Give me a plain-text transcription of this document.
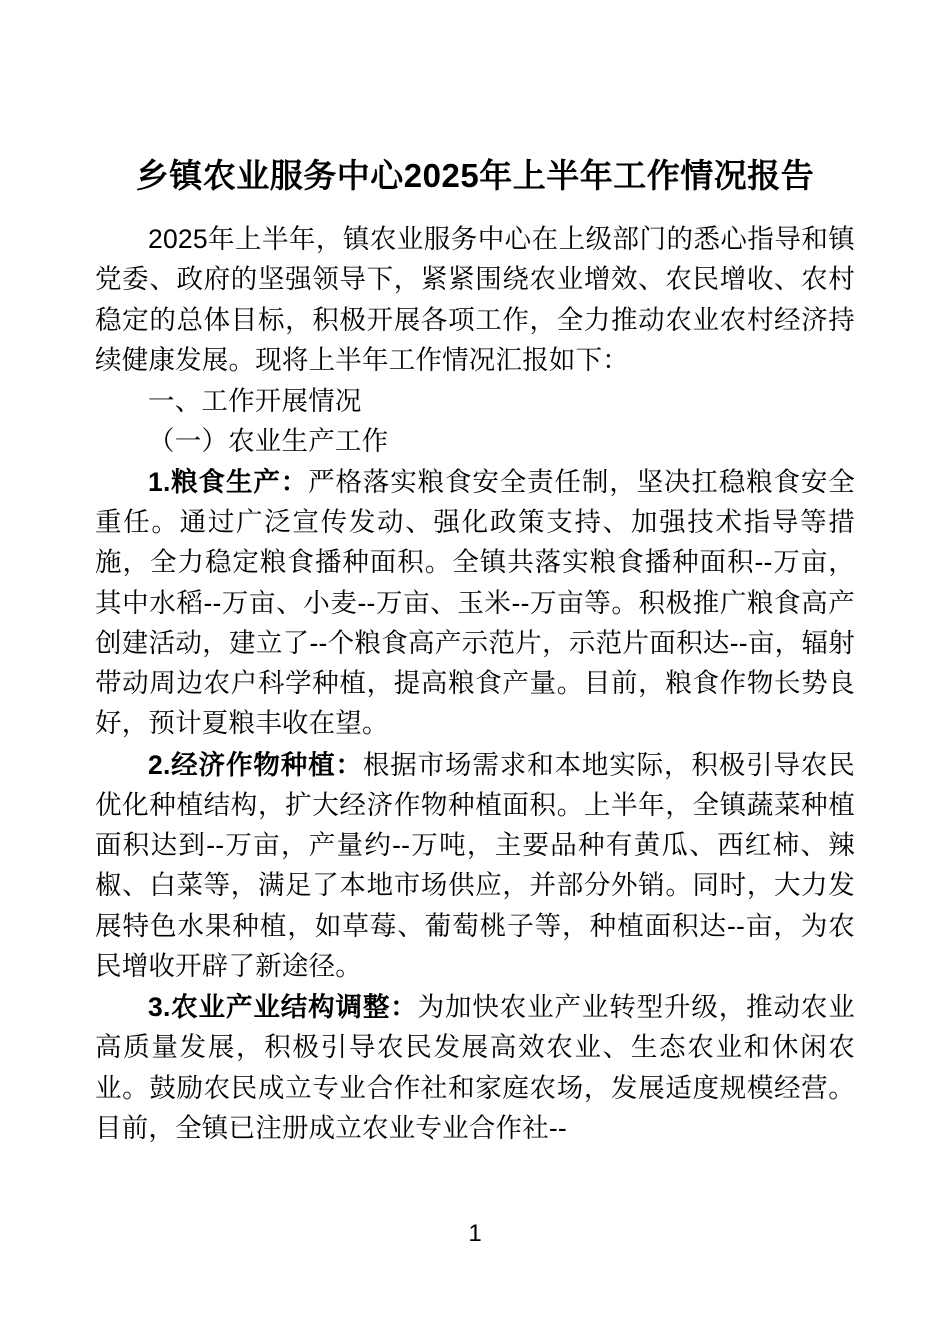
乡镇农业服务中心2025年上半年工作情况报告

2025年上半年，镇农业服务中心在上级部门的悉心指导和镇党委、政府的坚强领导下，紧紧围绕农业增效、农民增收、农村稳定的总体目标，积极开展各项工作，全力推动农业农村经济持续健康发展。现将上半年工作情况汇报如下：

一、工作开展情况

（一）农业生产工作

1.粮食生产：严格落实粮食安全责任制，坚决扛稳粮食安全重任。通过广泛宣传发动、强化政策支持、加强技术指导等措施，全力稳定粮食播种面积。全镇共落实粮食播种面积--万亩，其中水稻--万亩、小麦--万亩、玉米--万亩等。积极推广粮食高产创建活动，建立了--个粮食高产示范片，示范片面积达--亩，辐射带动周边农户科学种植，提高粮食产量。目前，粮食作物长势良好，预计夏粮丰收在望。

2.经济作物种植：根据市场需求和本地实际，积极引导农民优化种植结构，扩大经济作物种植面积。上半年，全镇蔬菜种植面积达到--万亩，产量约--万吨，主要品种有黄瓜、西红柿、辣椒、白菜等，满足了本地市场供应，并部分外销。同时，大力发展特色水果种植，如草莓、葡萄桃子等，种植面积达--亩，为农民增收开辟了新途径。

3.农业产业结构调整：为加快农业产业转型升级，推动农业高质量发展，积极引导农民发展高效农业、生态农业和休闲农业。鼓励农民成立专业合作社和家庭农场，发展适度规模经营。目前，全镇已注册成立农业专业合作社--

1
